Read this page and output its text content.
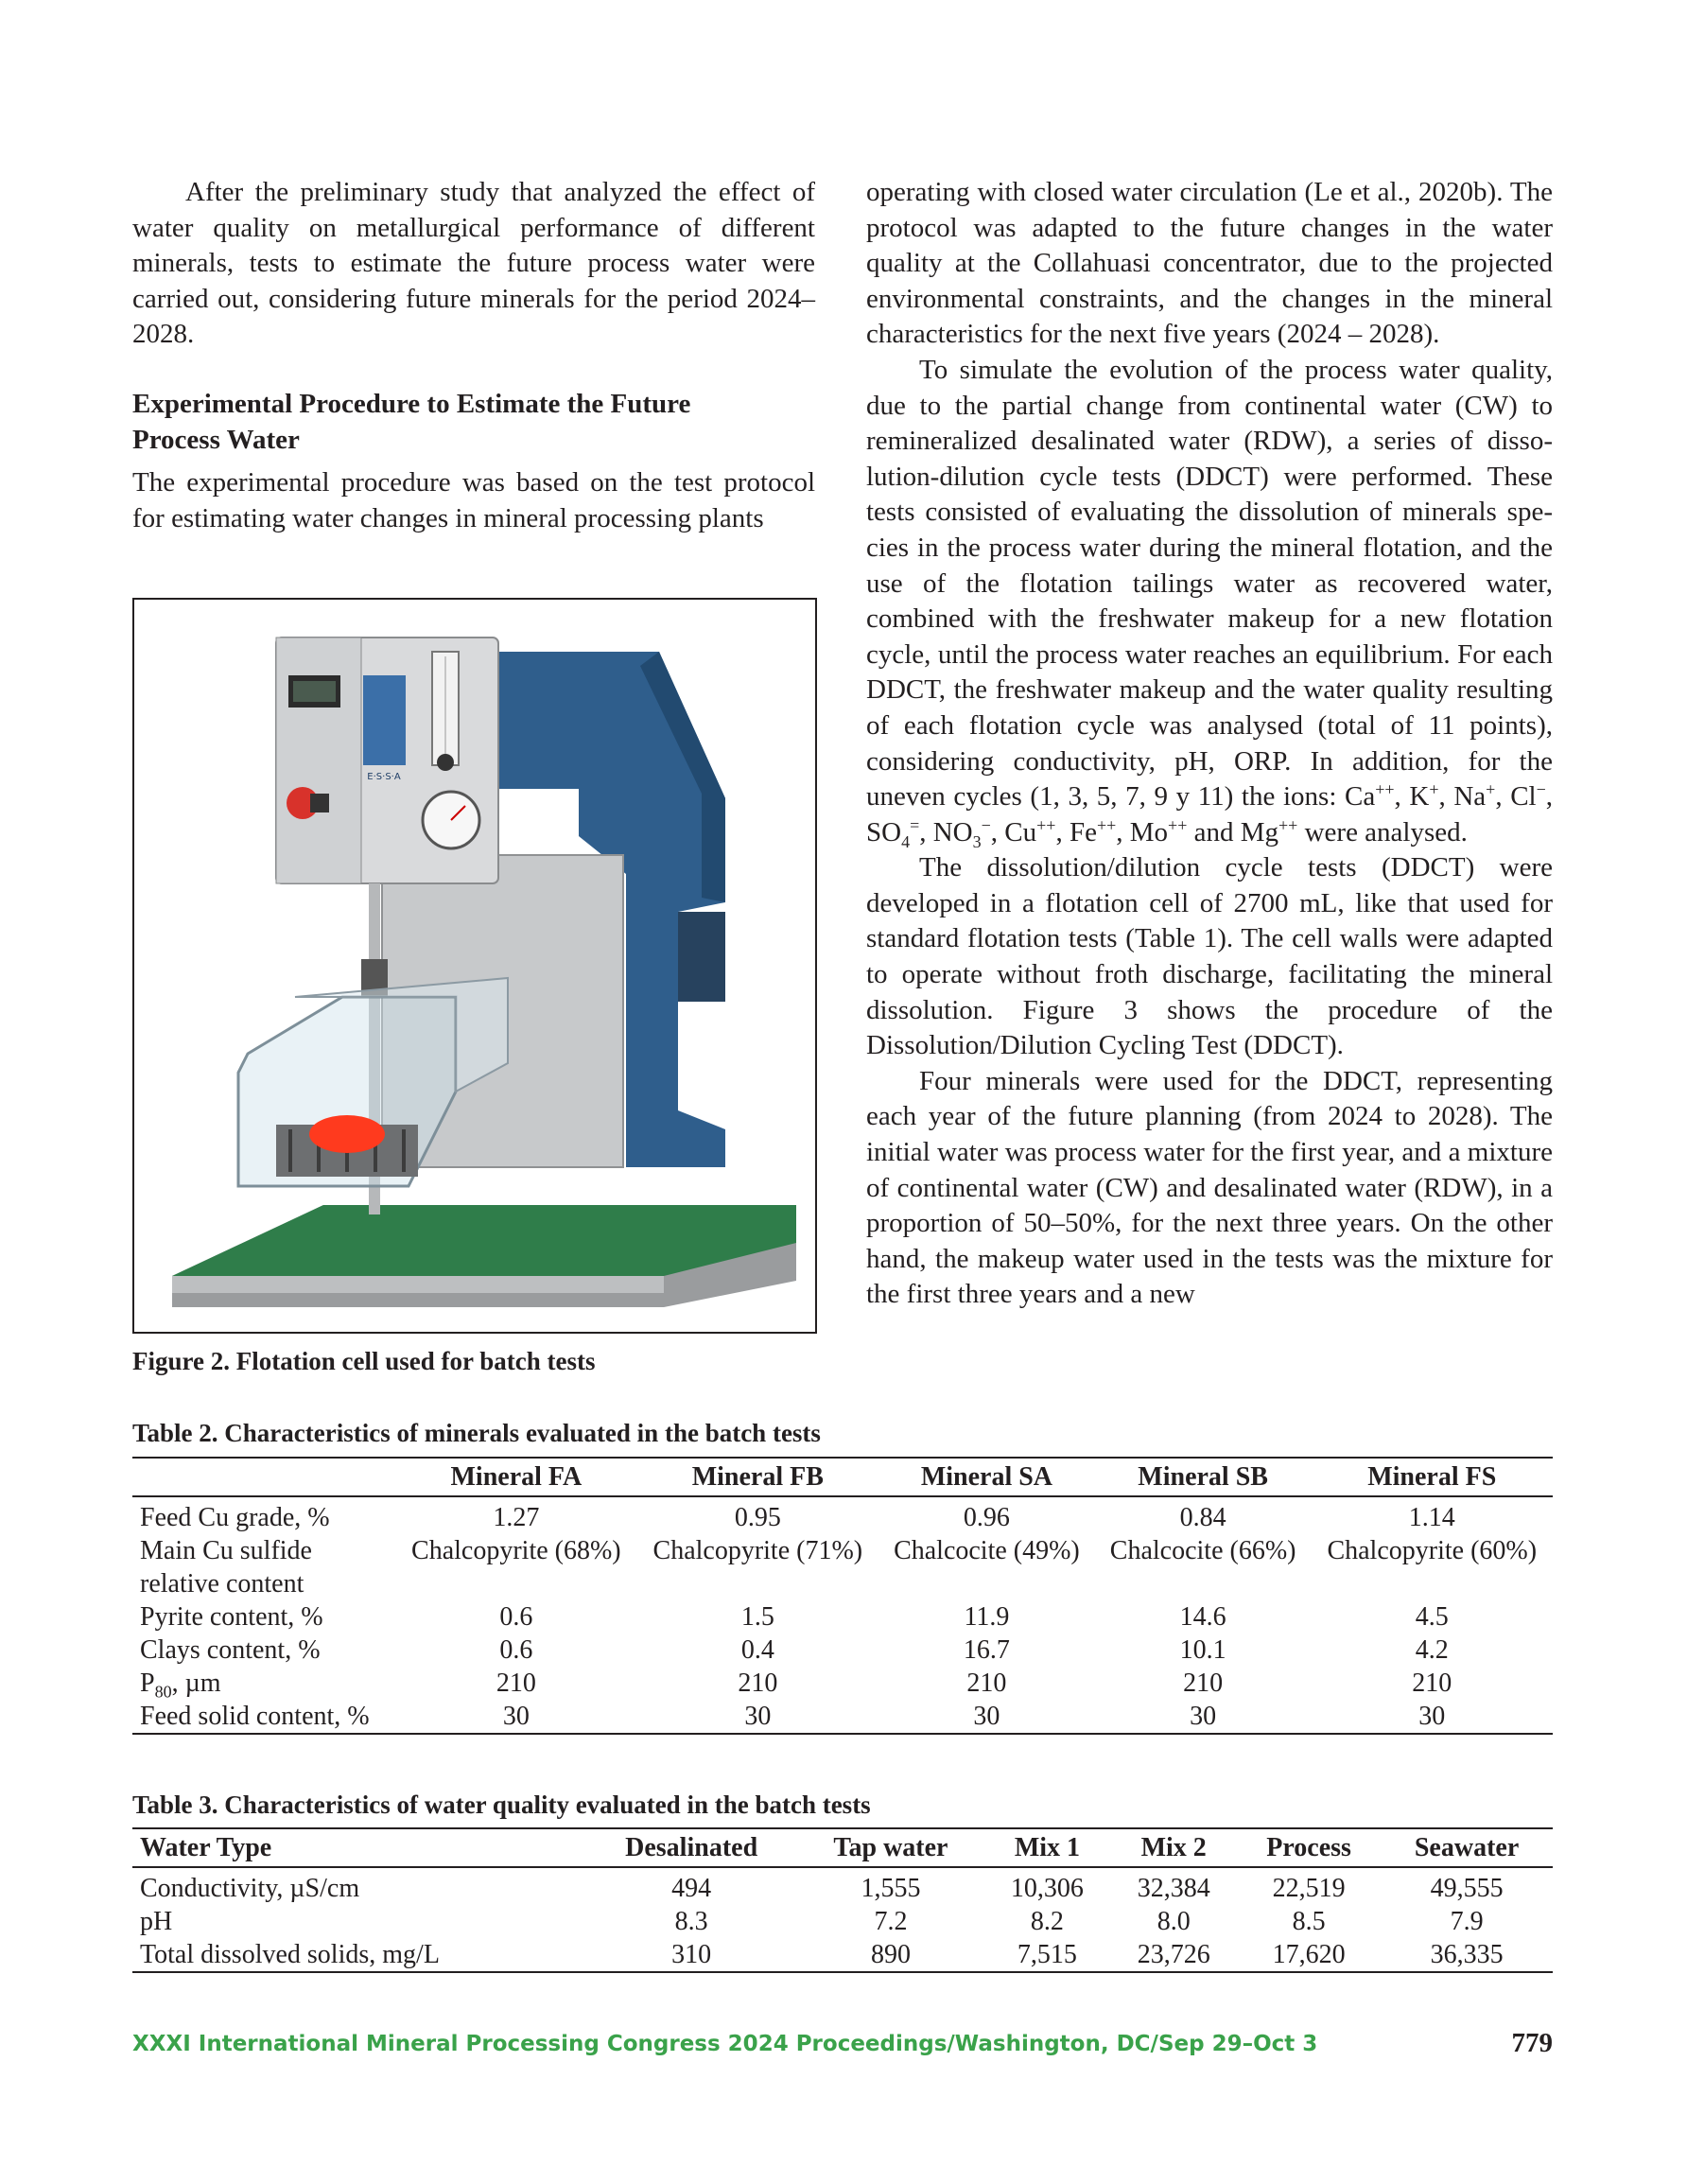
After the preliminary study that analyzed the effect of water quality on metallurgical performance of different minerals, tests to estimate the future process water were carried out, considering future minerals for the period 2024–2028.

Experimental Procedure to Estimate the Future
Process Water

The experimental procedure was based on the test protocol for estimating water changes in mineral processing plants

E·S·S·A
Figure 2. Flotation cell used for batch tests

operating with closed water circulation (Le et al., 2020b). The protocol was adapted to the future changes in the water quality at the Collahuasi concentrator, due to the projected environmental constraints, and the changes in the mineral characteristics for the next five years (2024 – 2028).

To simulate the evolution of the process water quality, due to the partial change from continental water (CW) to remineralized desalinated water (RDW), a series of dissolution-dilution cycle tests (DDCT) were performed. These tests consisted of evaluating the dissolution of minerals species in the process water during the mineral flotation, and the use of the flotation tailings water as recovered water, combined with the freshwater makeup for a new flotation cycle, until the process water reaches an equilibrium. For each DDCT, the freshwater makeup and the water quality resulting of each flotation cycle was analysed (total of 11 points), considering conductivity, pH, ORP. In addition, for the uneven cycles (1, 3, 5, 7, 9 y 11) the ions: Ca++, K+, Na+, Cl−, $SO_4^=$, $NO_3^-$, Cu++, Fe++, Mo++ and Mg++ were analysed.

The dissolution/dilution cycle tests (DDCT) were developed in a flotation cell of 2700 mL, like that used for standard flotation tests (Table 1). The cell walls were adapted to operate without froth discharge, facilitating the mineral dissolution. Figure 3 shows the procedure of the Dissolution/Dilution Cycling Test (DDCT).

Four minerals were used for the DDCT, representing each year of the future planning (from 2024 to 2028). The initial water was process water for the first year, and a mixture of continental water (CW) and desalinated water (RDW), in a proportion of 50–50%, for the next three years. On the other hand, the makeup water used in the tests was the mixture for the first three years and a new

Table 2. Characteristics of minerals evaluated in the batch tests
	Mineral FA	Mineral FB	Mineral SA	Mineral SB	Mineral FS
Feed Cu grade, %	1.27	0.95	0.96	0.84	1.14
Main Cu sulfide	Chalcopyrite (68%)	Chalcopyrite (71%)	Chalcocite (49%)	Chalcocite (66%)	Chalcopyrite (60%)
relative content					
Pyrite content, %	0.6	1.5	11.9	14.6	4.5
Clays content, %	0.6	0.4	16.7	10.1	4.2
$P_{80}$, µm	210	210	210	210	210
Feed solid content, %	30	30	30	30	30
Table 3. Characteristics of water quality evaluated in the batch tests
Water Type	Desalinated	Tap water	Mix 1	Mix 2	Process	Seawater
Conductivity, µS/cm	494	1,555	10,306	32,384	22,519	49,555
pH	8.3	7.2	8.2	8.0	8.5	7.9
Total dissolved solids, mg/L	310	890	7,515	23,726	17,620	36,335
XXXI International Mineral Processing Congress 2024 Proceedings/Washington, DC/Sep 29–Oct 3	779
